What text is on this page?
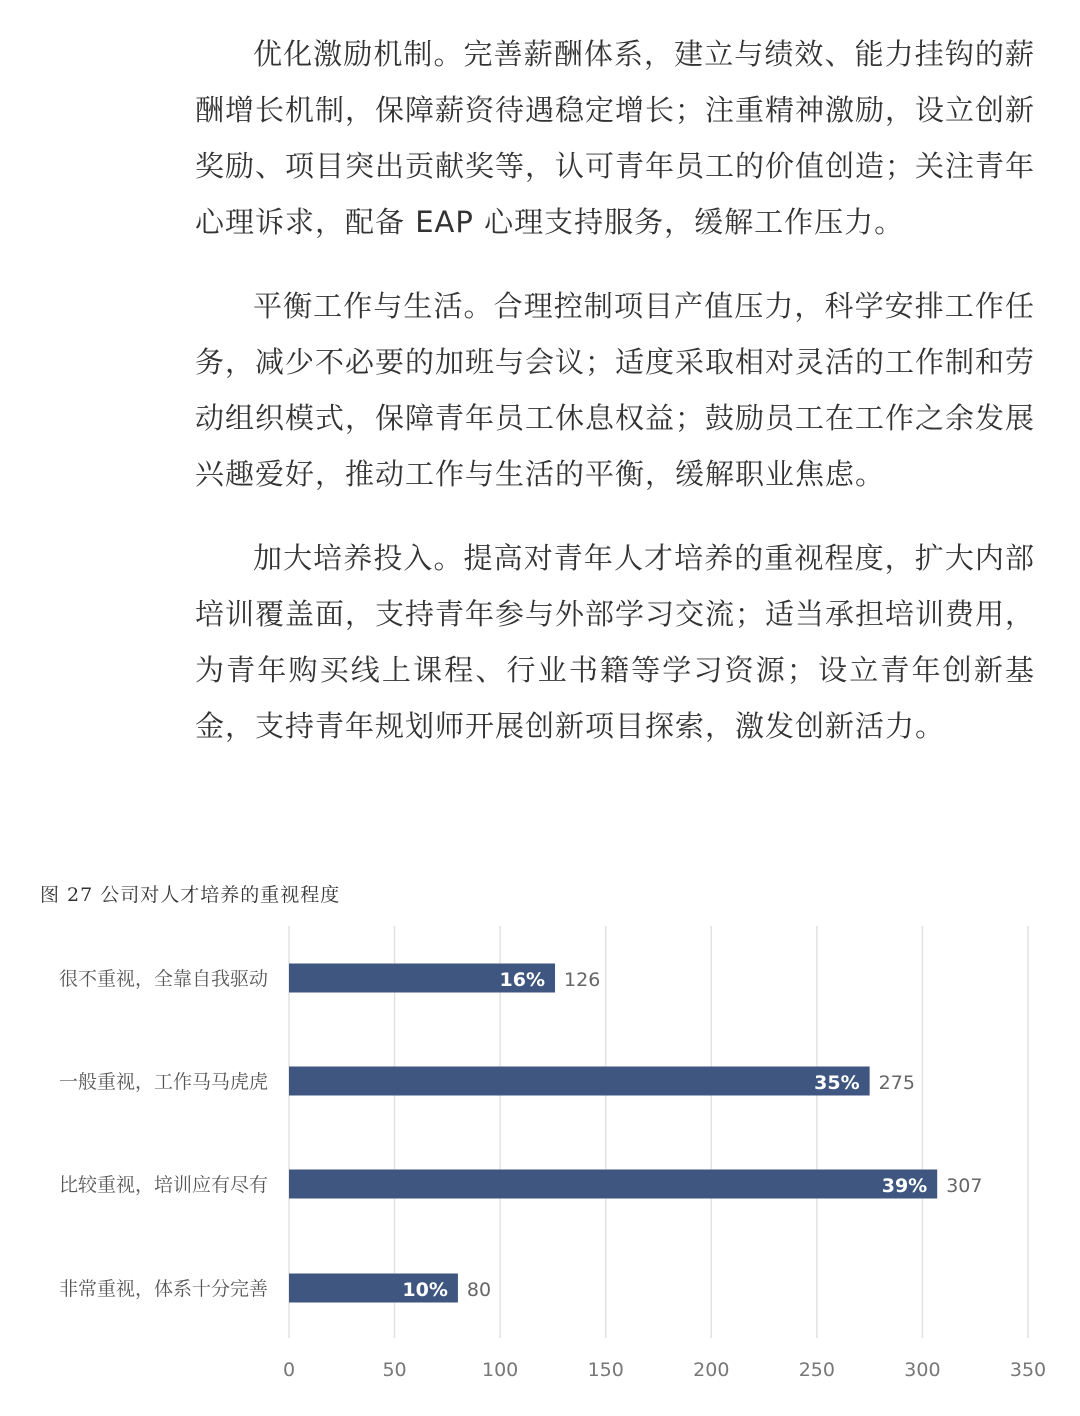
优化激励机制。完善薪酬体系，建立与绩效、能力挂钩的薪酬增长机制，保障薪资待遇稳定增长；注重精神激励，设立创新奖励、项目突出贡献奖等，认可青年员工的价值创造；关注青年心理诉求，配备 EAP 心理支持服务，缓解工作压力。

平衡工作与生活。合理控制项目产值压力，科学安排工作任务，减少不必要的加班与会议；适度采取相对灵活的工作制和劳动组织模式，保障青年员工休息权益；鼓励员工在工作之余发展兴趣爱好，推动工作与生活的平衡，缓解职业焦虑。

加大培养投入。提高对青年人才培养的重视程度，扩大内部培训覆盖面，支持青年参与外部学习交流；适当承担培训费用，为青年购买线上课程、行业书籍等学习资源；设立青年创新基金，支持青年规划师开展创新项目探索，激发创新活力。

0	50	100	150	200	250	300	350
很不重视，全靠自我驱动	16% 126
一般重视，工作马马虎虎	35% 275
比较重视，培训应有尽有	39% 307
非常重视，体系十分完善	10% 80
图 27 公司对人才培养的重视程度
